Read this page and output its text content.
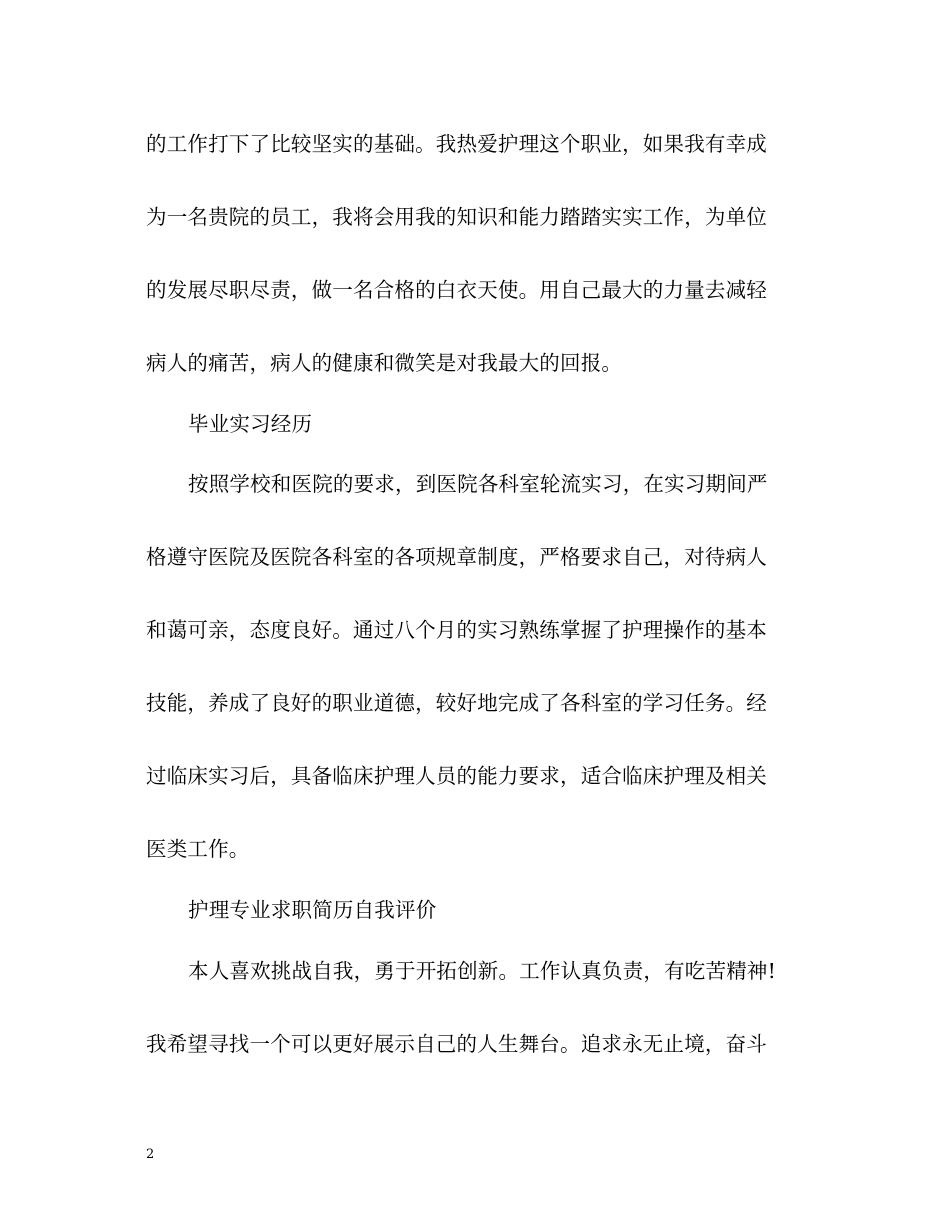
的工作打下了比较坚实的基础。我热爱护理这个职业，如果我有幸成
为一名贵院的员工，我将会用我的知识和能力踏踏实实工作，为单位
的发展尽职尽责，做一名合格的白衣天使。用自己最大的力量去减轻
病人的痛苦，病人的健康和微笑是对我最大的回报。
毕业实习经历
按照学校和医院的要求，到医院各科室轮流实习，在实习期间严
格遵守医院及医院各科室的各项规章制度，严格要求自己，对待病人
和蔼可亲，态度良好。通过八个月的实习熟练掌握了护理操作的基本
技能，养成了良好的职业道德，较好地完成了各科室的学习任务。经
过临床实习后，具备临床护理人员的能力要求，适合临床护理及相关
医类工作。
护理专业求职简历自我评价
本人喜欢挑战自我，勇于开拓创新。工作认真负责，有吃苦精神!
我希望寻找一个可以更好展示自己的人生舞台。追求永无止境，奋斗
2
